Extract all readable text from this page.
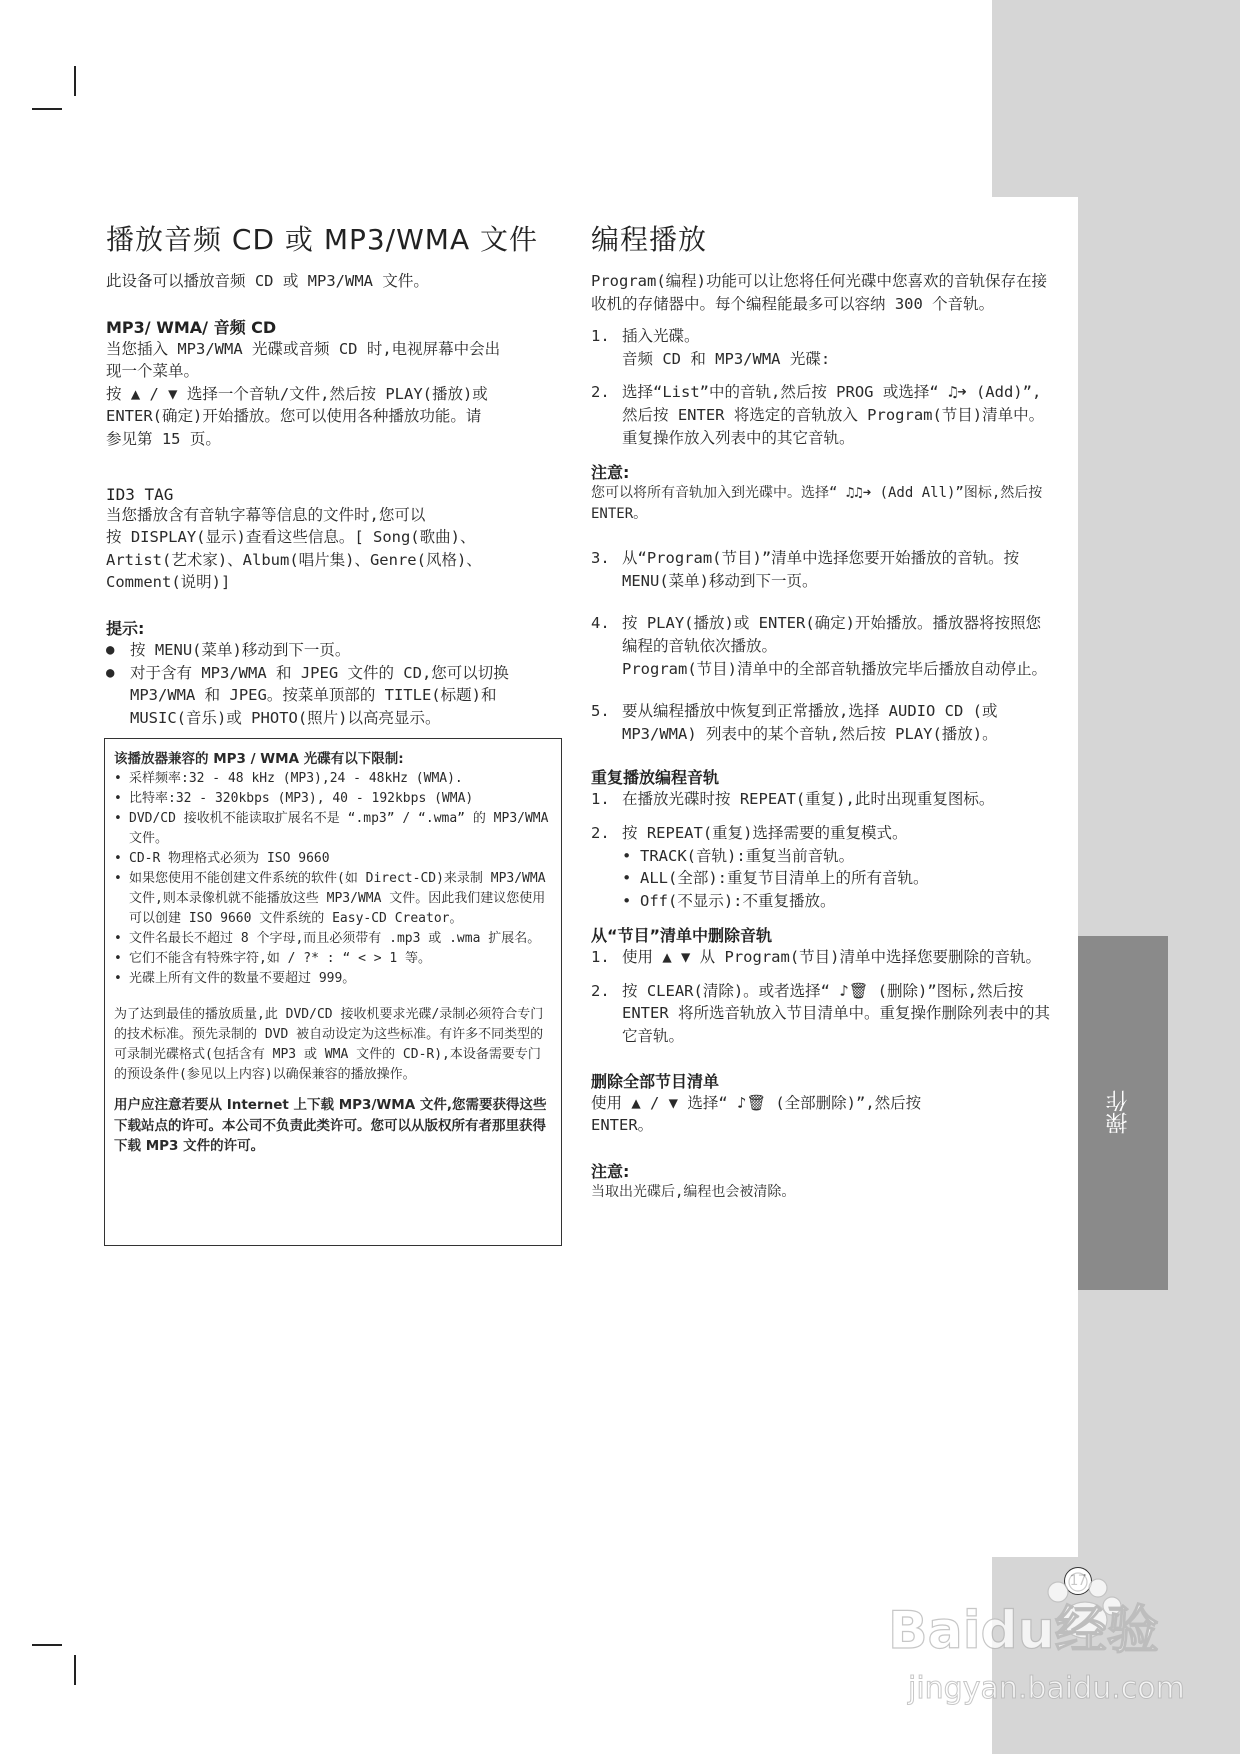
操作
Baidu经验
jingyan.baidu.com
播放音频 CD 或 MP3/WMA 文件

此设备可以播放音频 CD 或 MP3/WMA 文件。

MP3/ WMA/ 音频 CD

当您插入 MP3/WMA 光碟或音频 CD 时,电视屏幕中会出

现一个菜单。

按 ▲ / ▼ 选择一个音轨/文件,然后按 PLAY(播放)或

ENTER(确定)开始播放。您可以使用各种播放功能。请

参见第 15 页。

ID3 TAG

当您播放含有音轨字幕等信息的文件时,您可以

按 DISPLAY(显示)查看这些信息。[ Song(歌曲)、

Artist(艺术家)、Album(唱片集)、Genre(风格)、

Comment(说明)]

提示:
● 按 MENU(菜单)移动到下一页。
● 对于含有 MP3/WMA 和 JPEG 文件的 CD,您可以切换 MP3/WMA 和 JPEG。按菜单顶部的 TITLE(标题)和 MUSIC(音乐)或 PHOTO(照片)以高亮显示。
该播放器兼容的 MP3 / WMA 光碟有以下限制:
• 采样频率:32 - 48 kHz (MP3),24 - 48kHz (WMA).
• 比特率:32 - 320kbps (MP3), 40 - 192kbps (WMA)
• DVD/CD 接收机不能读取扩展名不是 “.mp3” / “.wma” 的 MP3/WMA 文件。
• CD-R 物理格式必须为 ISO 9660
• 如果您使用不能创建文件系统的软件(如 Direct-CD)来录制 MP3/WMA 文件,则本录像机就不能播放这些 MP3/WMA 文件。因此我们建议您使用可以创建 ISO 9660 文件系统的 Easy-CD Creator。
• 文件名最长不超过 8 个字母,而且必须带有 .mp3 或 .wma 扩展名。
• 它们不能含有特殊字符,如 / ?* : “ < > 1 等。
• 光碟上所有文件的数量不要超过 999。
为了达到最佳的播放质量,此 DVD/CD 接收机要求光碟/录制必须符合专门的技术标准。预先录制的 DVD 被自动设定为这些标准。有许多不同类型的可录制光碟格式(包括含有 MP3 或 WMA 文件的 CD-R),本设备需要专门的预设条件(参见以上内容)以确保兼容的播放操作。
用户应注意若要从 Internet 上下载 MP3/WMA 文件,您需要获得这些下载站点的许可。本公司不负责此类许可。您可以从版权所有者那里获得下载 MP3 文件的许可。
编程播放

Program(编程)功能可以让您将任何光碟中您喜欢的音轨保存在接收机的存储器中。每个编程能最多可以容纳 300 个音轨。

1. 插入光碟。
音频 CD 和 MP3/WMA 光碟:
2. 选择“List”中的音轨,然后按 PROG 或选择“ ♫➜ (Add)”,然后按 ENTER 将选定的音轨放入 Program(节目)清单中。重复操作放入列表中的其它音轨。
注意:

您可以将所有音轨加入到光碟中。选择“ ♫♫➜ (Add All)”图标,然后按 ENTER。

3. 从“Program(节目)”清单中选择您要开始播放的音轨。按 MENU(菜单)移动到下一页。
4. 按 PLAY(播放)或 ENTER(确定)开始播放。播放器将按照您编程的音轨依次播放。
Program(节目)清单中的全部音轨播放完毕后播放自动停止。
5. 要从编程播放中恢复到正常播放,选择 AUDIO CD (或 MP3/WMA) 列表中的某个音轨,然后按 PLAY(播放)。
重复播放编程音轨
1. 在播放光碟时按 REPEAT(重复),此时出现重复图标。
2. 按 REPEAT(重复)选择需要的重复模式。
• TRACK(音轨):重复当前音轨。
• ALL(全部):重复节目清单上的所有音轨。
• Off(不显示):不重复播放。
从“节目”清单中删除音轨
1. 使用 ▲ ▼ 从 Program(节目)清单中选择您要删除的音轨。
2. 按 CLEAR(清除)。或者选择“ ♪🗑 (删除)”图标,然后按 ENTER 将所选音轨放入节目清单中。重复操作删除列表中的其它音轨。
删除全部节目清单

使用 ▲ / ▼ 选择“ ♪🗑 (全部删除)”,然后按

ENTER。

注意:

当取出光碟后,编程也会被清除。
